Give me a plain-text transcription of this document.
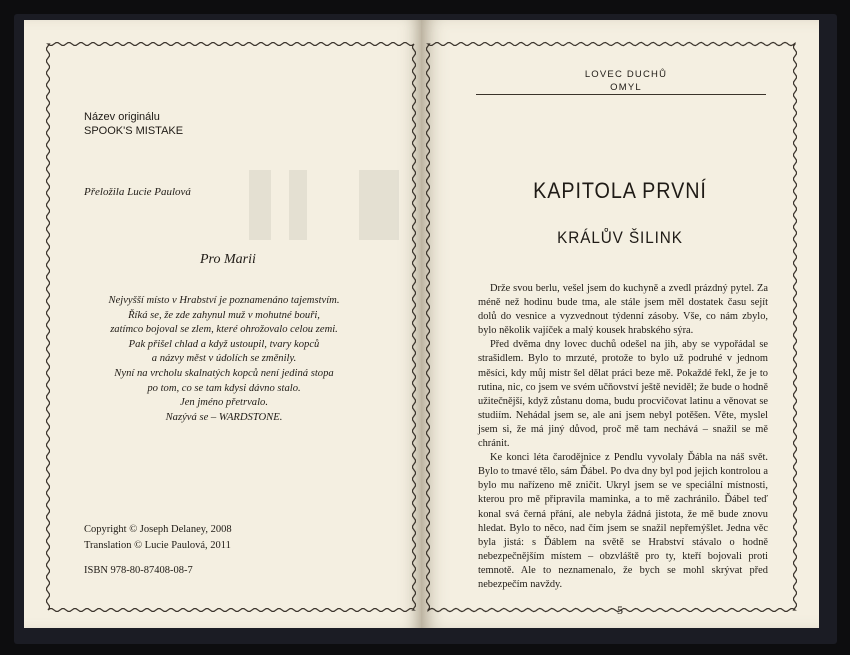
Název originálu
SPOOK'S MISTAKE
Přeložila Lucie Paulová
Pro Marii
Nejvyšší místo v Hrabství je poznamenáno tajemstvím.
Říká se, že zde zahynul muž v mohutné bouři,
zatímco bojoval se zlem, které ohrožovalo celou zemi.
Pak přišel chlad a když ustoupil, tvary kopců
a názvy měst v údolích se změnily.
Nyní na vrcholu skalnatých kopců není jediná stopa
po tom, co se tam kdysi dávno stalo.
Jen jméno přetrvalo.
Nazývá se – WARDSTONE.
Copyright © Joseph Delaney, 2008
Translation © Lucie Paulová, 2011
ISBN 978-80-87408-08-7
LOVEC DUCHŮ
OMYL
KAPITOLA PRVNÍ
KRÁLŮV ŠILINK

Drže svou berlu, vešel jsem do kuchyně a zvedl prázdný pytel. Za méně než hodinu bude tma, ale stále jsem měl dostatek času sejít dolů do vesnice a vyzvednout týdenní zásoby. Vše, co nám zbylo, bylo několik vajíček a malý kousek hrabského sýra.

Před dvěma dny lovec duchů odešel na jih, aby se vypořádal se strašidlem. Bylo to mrzuté, protože to bylo už podruhé v jednom měsíci, kdy můj mistr šel dělat práci beze mě. Pokaždé řekl, že je to rutina, nic, co jsem ve svém učňovství ještě neviděl; že bude o hodně užitečnější, když zůstanu doma, budu procvičovat latinu a věnovat se studiím. Nehádal jsem se, ale ani jsem nebyl potěšen. Věte, myslel jsem si, že má jiný důvod, proč mě tam nechává – snažil se mě chránit.

Ke konci léta čarodějnice z Pendlu vyvolaly Ďábla na náš svět. Bylo to tmavé tělo, sám Ďábel. Po dva dny byl pod jejich kontrolou a bylo mu nařízeno mě zničit. Ukryl jsem se ve speciální místnosti, kterou pro mě připravila maminka, a to mě zachránilo. Ďábel teď konal svá černá přání, ale nebyla žádná jistota, že mě bude znovu hledat. Bylo to něco, nad čím jsem se snažil nepřemýšlet. Jedna věc byla jistá: s Ďáblem na světě se Hrabství stávalo o hodně nebezpečnějším místem – obzvláště pro ty, kteří bojovali proti temnotě. Ale to neznamenalo, že bych se mohl skrývat před nebezpečím navždy.

5
